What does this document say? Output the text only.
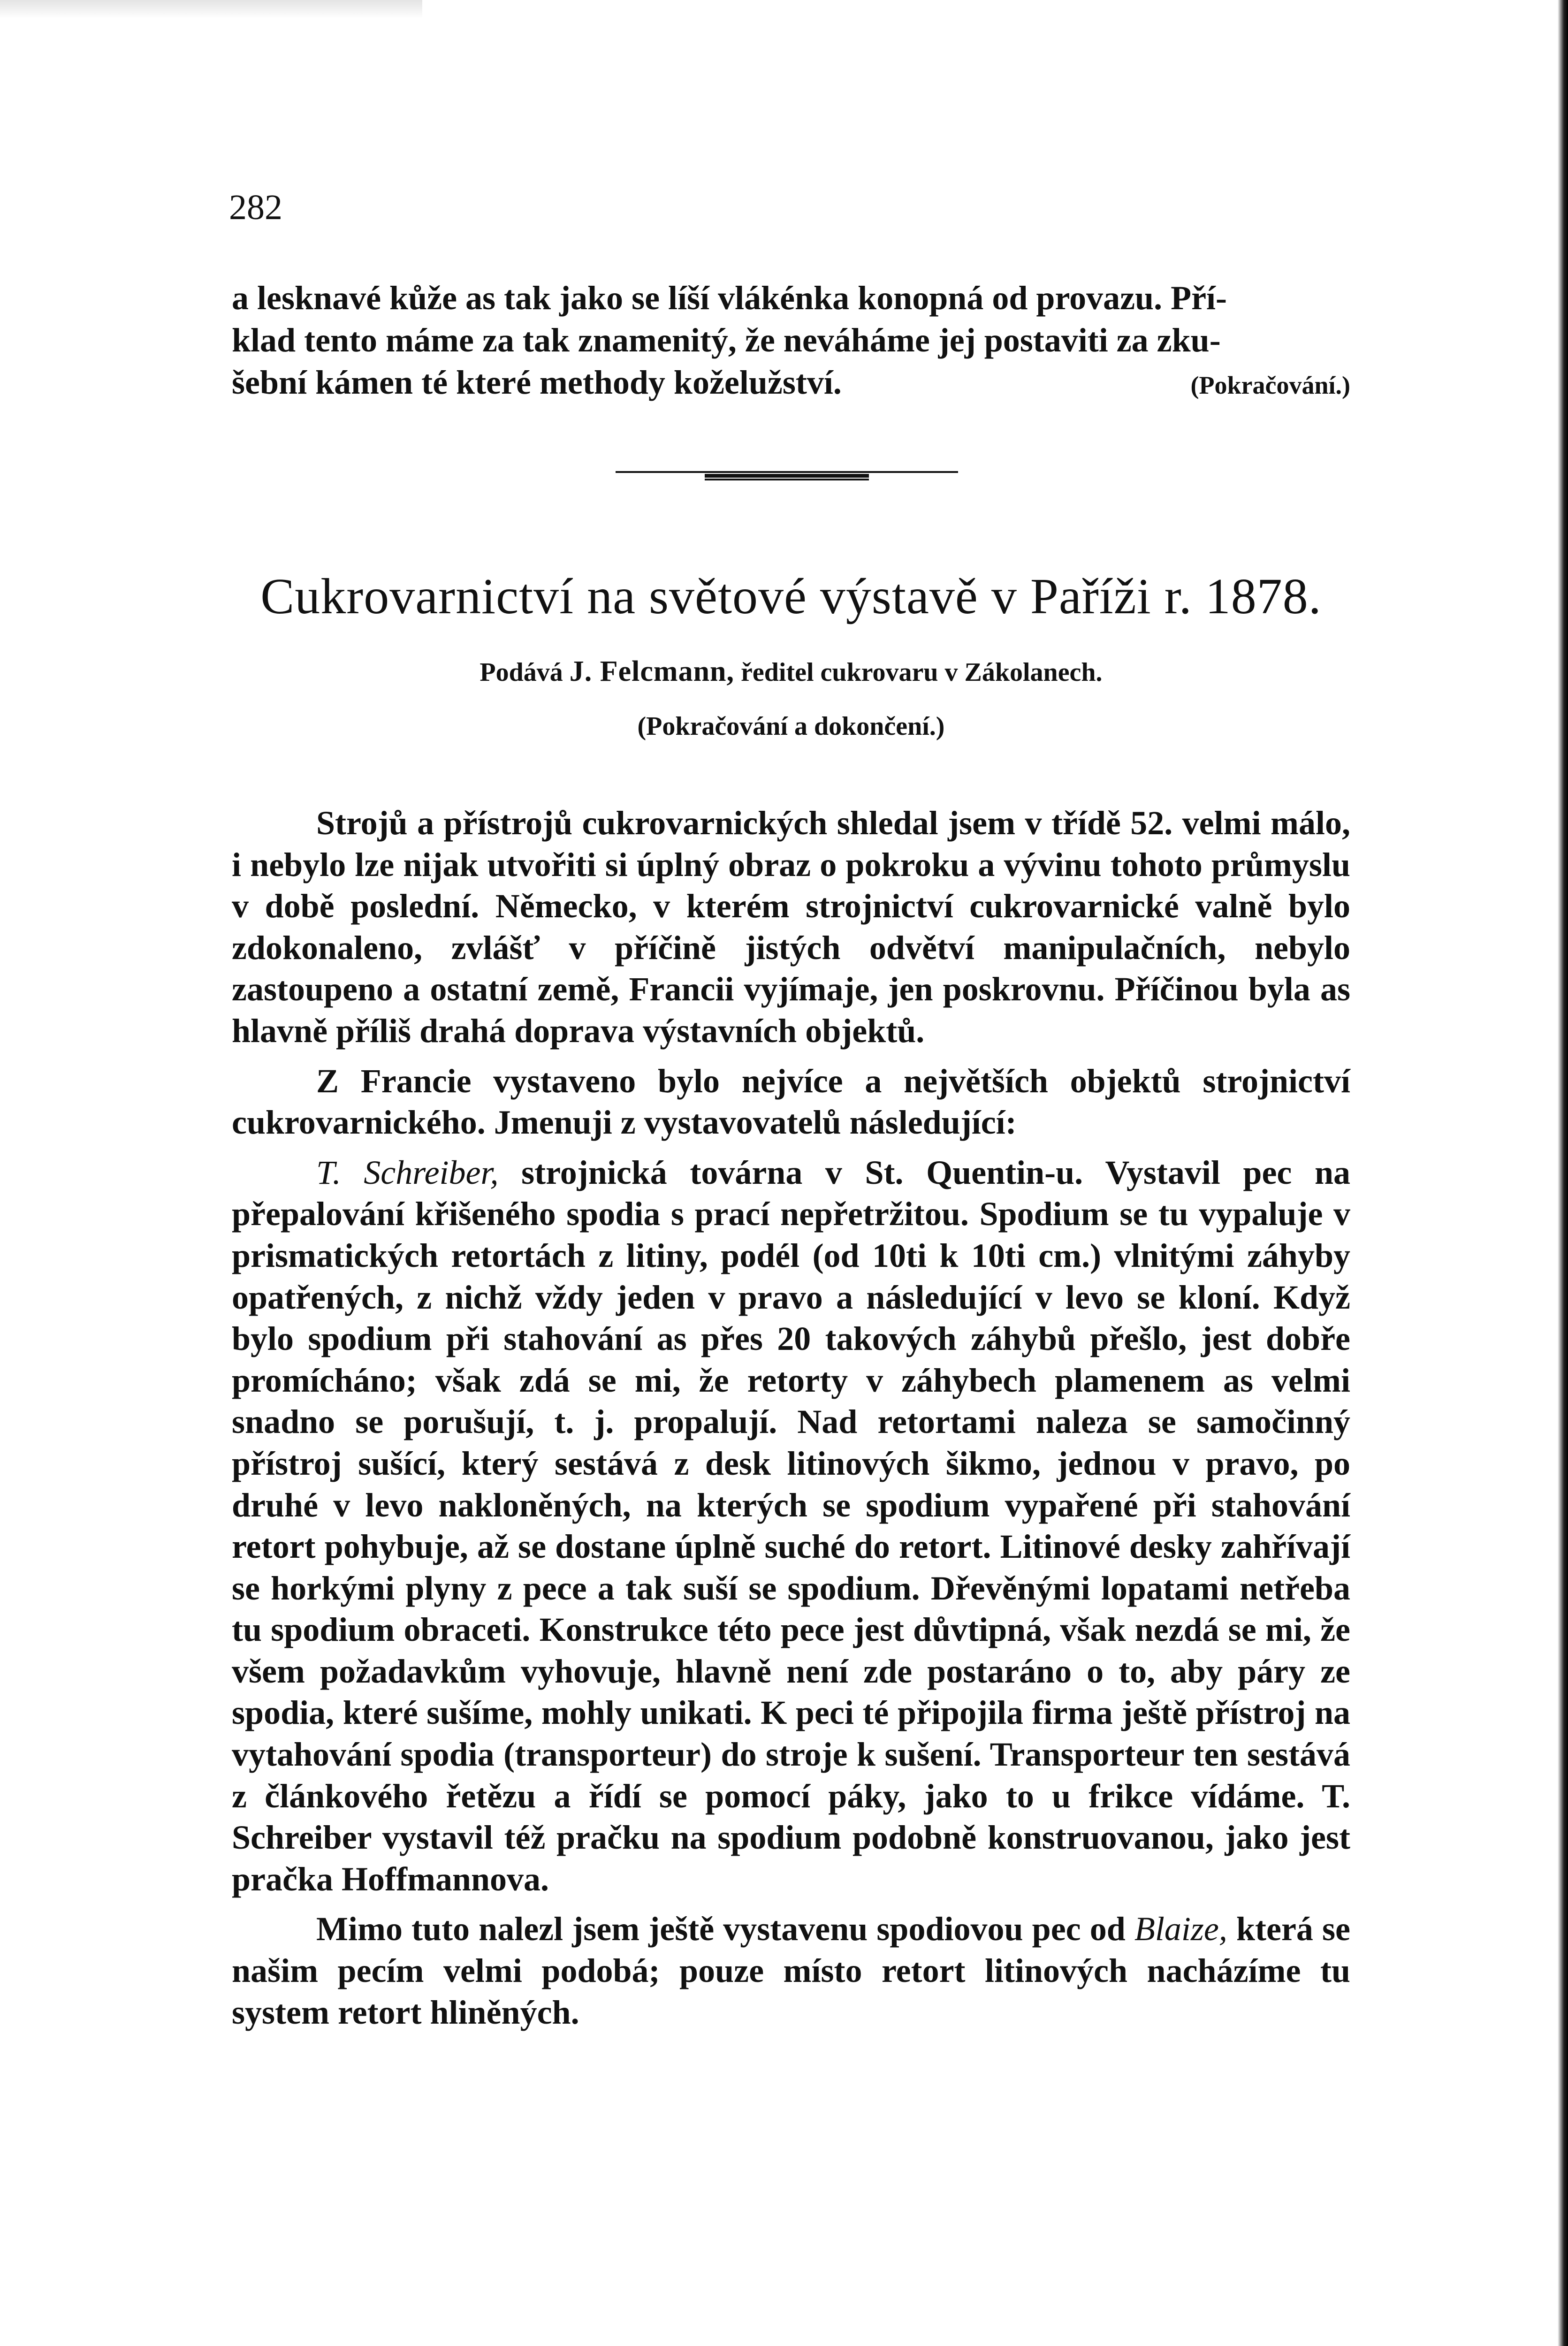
282
a lesknavé kůže as tak jako se líší vlákénka konopná od provazu. Pří-
klad tento máme za tak znamenitý, že neváháme jej postaviti za zku-
šební kámen té které methody koželužství.	(Pokračování.)
Cukrovarnictví na světové výstavě v Paříži r. 1878.
Podává J. Felcmann, ředitel cukrovaru v Zákolanech.
(Pokračování a dokončení.)

Strojů a přístrojů cukrovarnických shledal jsem v třídě 52. velmi málo, i nebylo lze nijak utvořiti si úplný obraz o pokroku a vývinu tohoto průmyslu v době poslední. Německo, v kterém strojnictví cukrovarnické valně bylo zdokonaleno, zvlášť v příčině jistých odvětví manipulačních, nebylo zastoupeno a ostatní země, Francii vyjímaje, jen poskrovnu. Příčinou byla as hlavně příliš drahá doprava výstavních objektů.

Z Francie vystaveno bylo nejvíce a největších objektů strojnictví cukrovarnického. Jmenuji z vystavovatelů následující:

T. Schreiber, strojnická továrna v St. Quentin-u. Vystavil pec na přepalování křišeného spodia s prací nepřetržitou. Spodium se tu vypaluje v prismatických retortách z litiny, podél (od 10ti k 10ti cm.) vlnitými záhyby opatřených, z nichž vždy jeden v pravo a následující v levo se kloní. Když bylo spodium při stahování as přes 20 takových záhybů přešlo, jest dobře promícháno; však zdá se mi, že retorty v záhybech plamenem as velmi snadno se porušují, t. j. propalují. Nad retortami naleza se samočinný přístroj sušící, který sestává z desk litinových šikmo, jednou v pravo, po druhé v levo nakloněných, na kterých se spodium vypařené při stahování retort pohybuje, až se dostane úplně suché do retort. Litinové desky zahřívají se horkými plyny z pece a tak suší se spodium. Dřevěnými lopatami netřeba tu spodium obraceti. Konstrukce této pece jest důvtipná, však nezdá se mi, že všem požadavkům vyhovuje, hlavně není zde postaráno o to, aby páry ze spodia, které sušíme, mohly unikati. K peci té připojila firma ještě přístroj na vytahování spodia (transporteur) do stroje k sušení. Transporteur ten sestává z článkového řetězu a řídí se pomocí páky, jako to u frikce vídáme. T. Schreiber vystavil též pračku na spodium podobně konstruovanou, jako jest pračka Hoffmannova.

Mimo tuto nalezl jsem ještě vystavenu spodiovou pec od Blaize, která se našim pecím velmi podobá; pouze místo retort litinových nacházíme tu system retort hliněných.
